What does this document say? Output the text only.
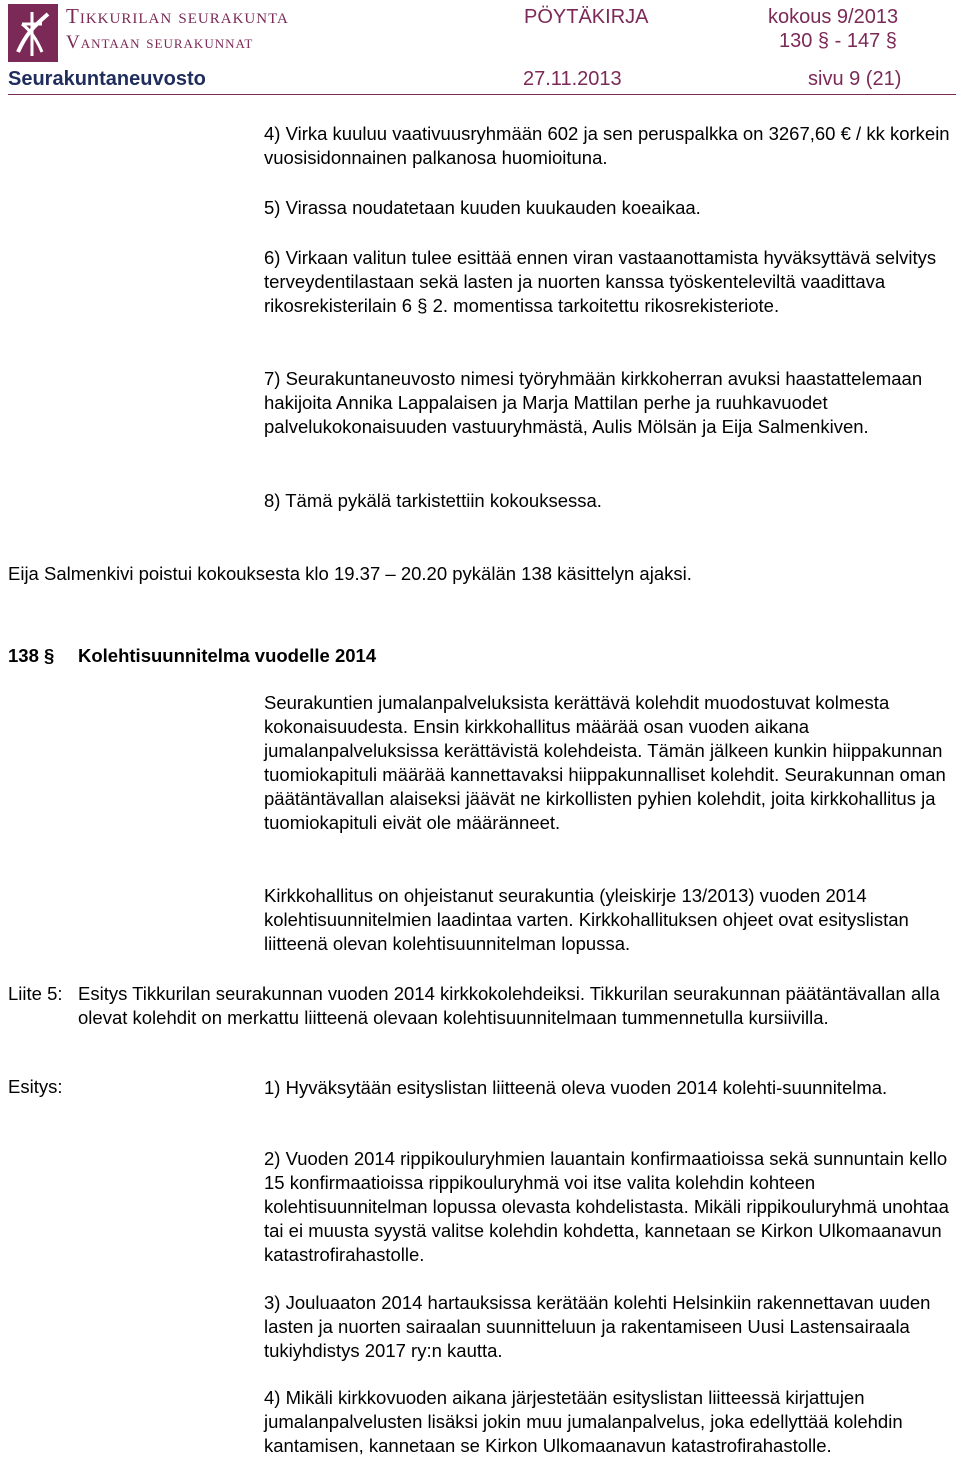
Tikkurilan seurakunta
Vantaan seurakunnat
PÖYTÄKIRJA	kokous 9/2013
130 § - 147 §
Seurakuntaneuvosto	27.11.2013	sivu 9 (21)

4) Virka kuuluu vaativuusryhmään 602 ja sen peruspalkka on 3267,60 € / kk korkein vuosisidonnainen palkanosa huomioituna.

5) Virassa noudatetaan kuuden kuukauden koeaikaa.

6) Virkaan valitun tulee esittää ennen viran vastaanottamista hyväksyttävä selvitys terveydentilastaan sekä lasten ja nuorten kanssa työskenteleviltä vaadittava rikosrekisterilain 6 § 2. momentissa tarkoitettu rikosrekisteriote.

7) Seurakuntaneuvosto nimesi työryhmään kirkkoherran avuksi haastattelemaan hakijoita Annika Lappalaisen ja Marja Mattilan perhe ja ruuhkavuodet palvelukokonaisuuden vastuuryhmästä, Aulis Mölsän ja Eija Salmenkiven.

8) Tämä pykälä tarkistettiin kokouksessa.

Eija Salmenkivi poistui kokouksesta klo 19.37 – 20.20 pykälän 138 käsittelyn ajaksi.

138 § Kolehtisuunnitelma vuodelle 2014

Seurakuntien jumalanpalveluksista kerättävä kolehdit muodostuvat kolmesta kokonaisuudesta. Ensin kirkkohallitus määrää osan vuoden aikana jumalanpalveluksissa kerättävistä kolehdeista. Tämän jälkeen kunkin hiippakunnan tuomiokapituli määrää kannettavaksi hiippakunnalliset kolehdit. Seurakunnan oman päätäntävallan alaiseksi jäävät ne kirkollisten pyhien kolehdit, joita kirkkohallitus ja tuomiokapituli eivät ole määränneet.

Kirkkohallitus on ohjeistanut seurakuntia (yleiskirje 13/2013) vuoden 2014 kolehtisuunnitelmien laadintaa varten. Kirkkohallituksen ohjeet ovat esityslistan liitteenä olevan kolehtisuunnitelman lopussa.

Liite 5: Esitys Tikkurilan seurakunnan vuoden 2014 kirkkokolehdeiksi. Tikkurilan seurakunnan päätäntävallan alla olevat kolehdit on merkattu liitteenä olevaan kolehtisuunnitelmaan tummennetulla kursiivilla.
Esitys:	1) Hyväksytään esityslistan liitteenä oleva vuoden 2014 kolehti-suunnitelma.

2) Vuoden 2014 rippikouluryhmien lauantain konfirmaatioissa sekä sunnuntain kello 15 konfirmaatioissa rippikouluryhmä voi itse valita kolehdin kohteen kolehtisuunnitelman lopussa olevasta kohdelistasta. Mikäli rippikouluryhmä unohtaa tai ei muusta syystä valitse kolehdin kohdetta, kannetaan se Kirkon Ulkomaanavun katastrofirahastolle.

3) Jouluaaton 2014 hartauksissa kerätään kolehti Helsinkiin rakennettavan uuden lasten ja nuorten sairaalan suunnitteluun ja rakentamiseen Uusi Lastensairaala tukiyhdistys 2017 ry:n kautta.

4) Mikäli kirkkovuoden aikana järjestetään esityslistan liitteessä kirjattujen jumalanpalvelusten lisäksi jokin muu jumalanpalvelus, joka edellyttää kolehdin kantamisen, kannetaan se Kirkon Ulkomaanavun katastrofirahastolle.
